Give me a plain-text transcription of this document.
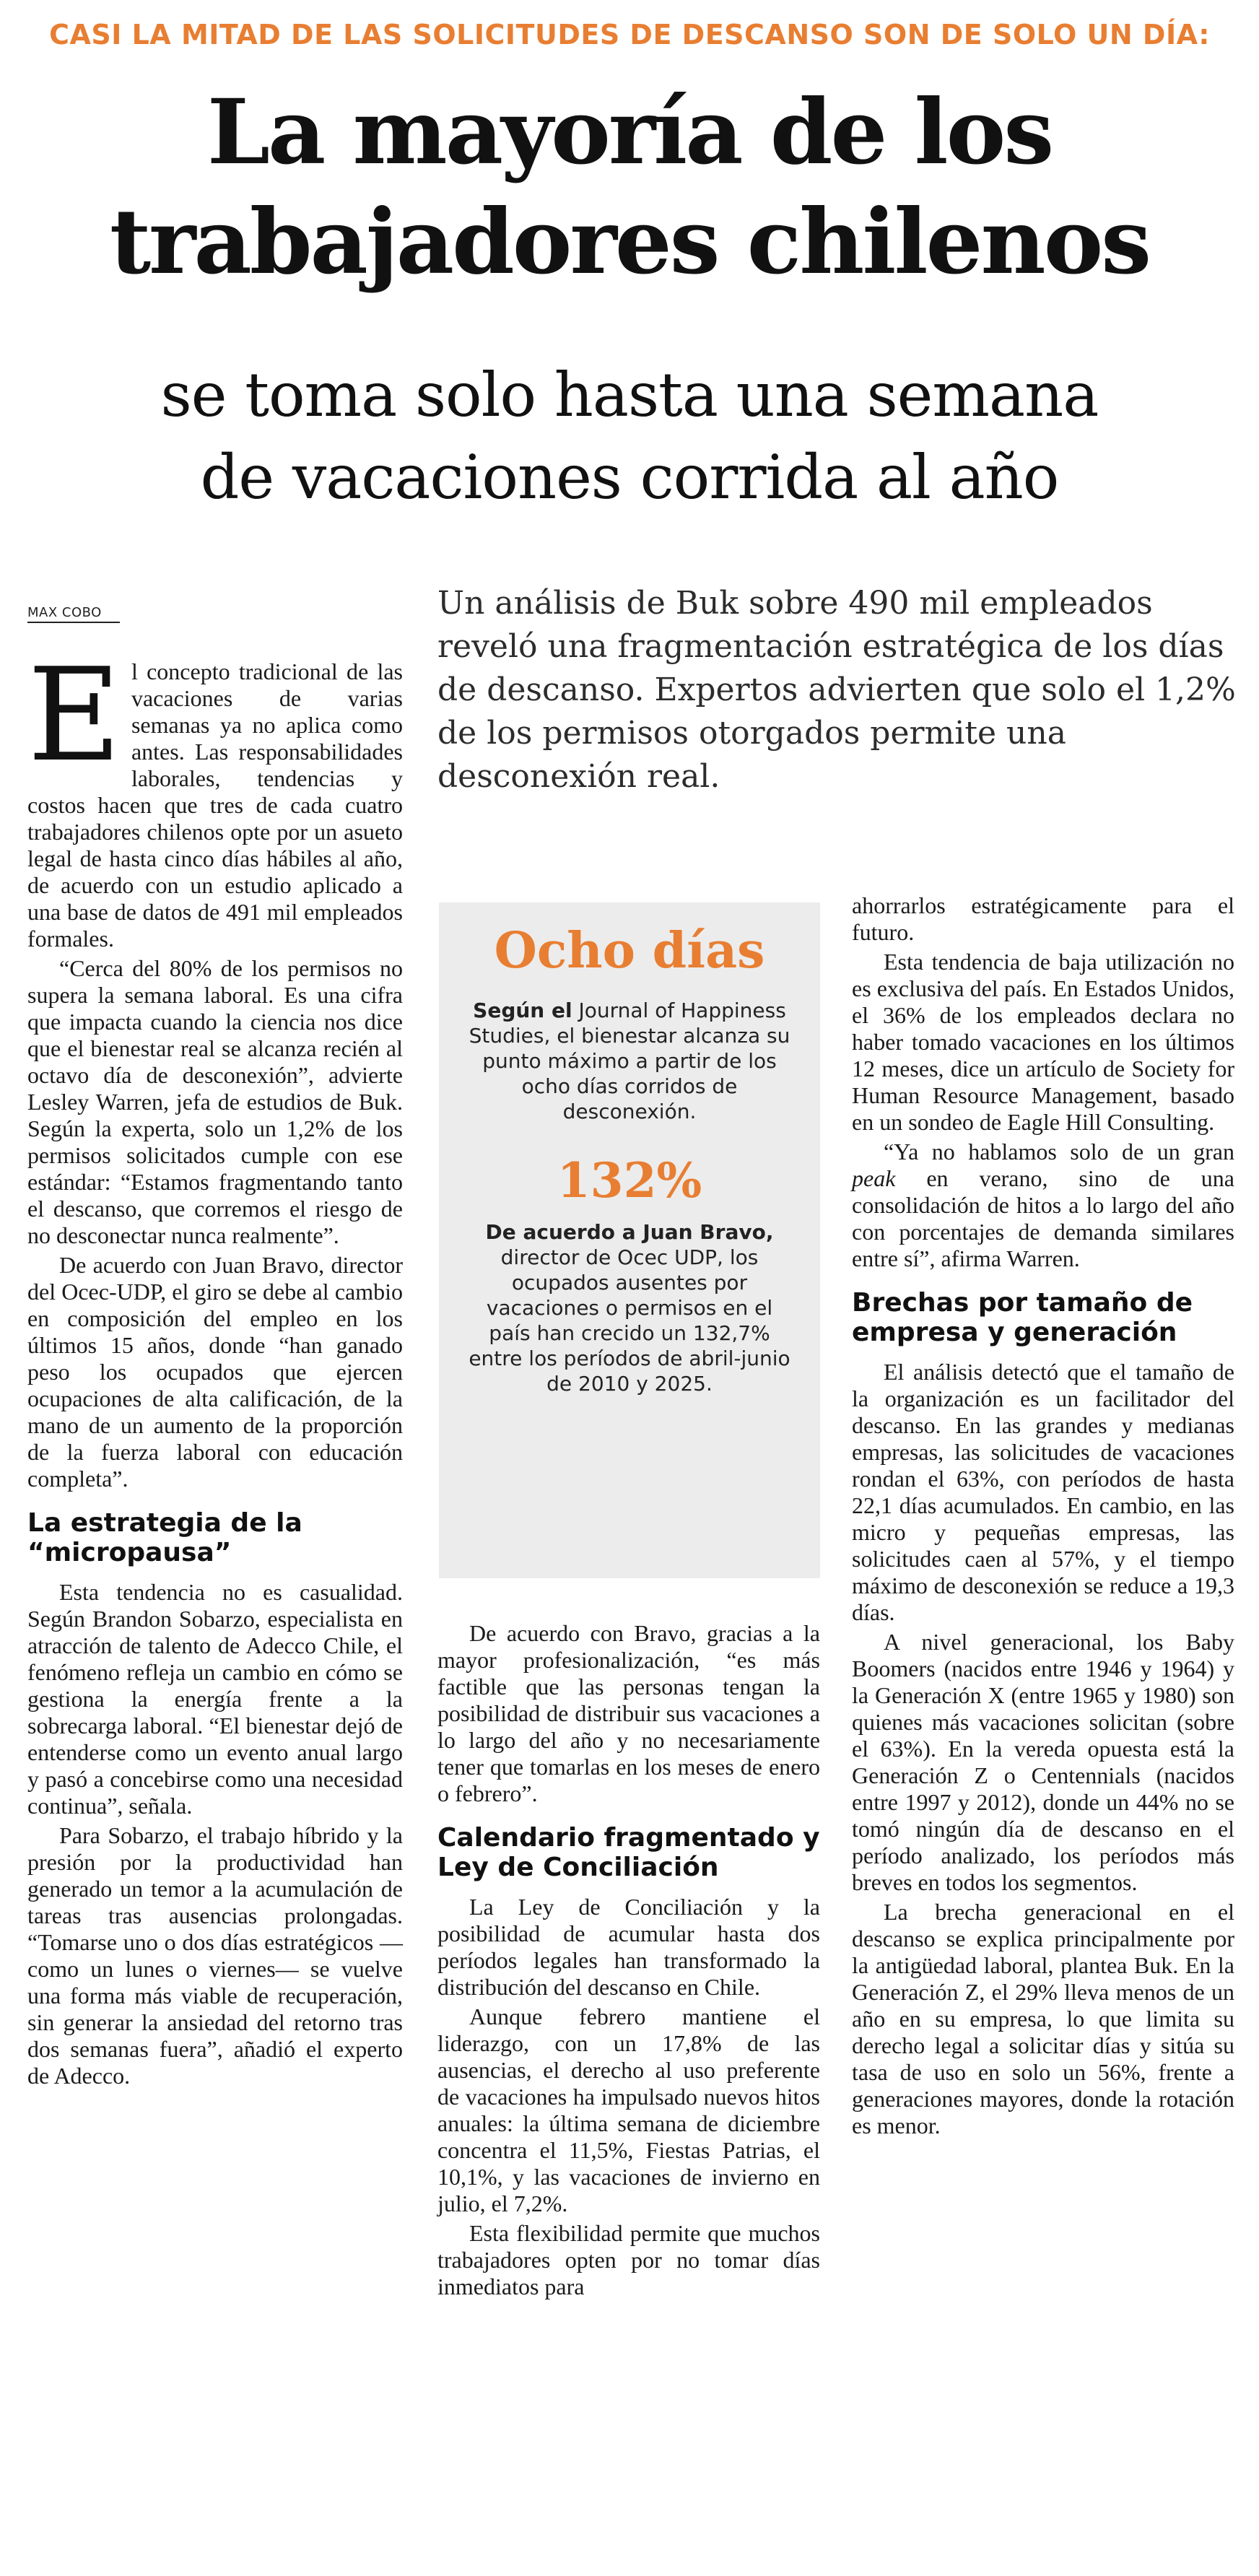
CASI LA MITAD DE LAS SOLICITUDES DE DESCANSO SON DE SOLO UN DÍA:
La mayoría de los
trabajadores chilenos
se toma solo hasta una semana
de vacaciones corrida al año
MAX COBO	Un análisis de Buk sobre 490 mil empleados reveló una fragmentación estratégica de los días de descanso. Expertos advierten que solo el 1,2% de los permisos otorgados permite una desconexión real.

El concepto tradicional de las vacaciones de varias semanas ya no aplica como antes. Las responsabilidades laborales, tendencias y costos hacen que tres de cada cuatro trabajadores chilenos opte por un asueto legal de hasta cinco días hábiles al año, de acuerdo con un estudio aplicado a una base de datos de 491 mil empleados formales.

“Cerca del 80% de los permisos no supera la semana laboral. Es una cifra que impacta cuando la ciencia nos dice que el bienestar real se alcanza recién al octavo día de desconexión”, advierte Lesley Warren, jefa de estudios de Buk. Según la experta, solo un 1,2% de los permisos solicitados cumple con ese estándar: “Estamos fragmentando tanto el descanso, que corremos el riesgo de no desconectar nunca realmente”.

De acuerdo con Juan Bravo, director del Ocec-UDP, el giro se debe al cambio en composición del empleo en los últimos 15 años, donde “han ganado peso los ocupados que ejercen ocupaciones de alta calificación, de la mano de un aumento de la proporción de la fuerza laboral con educación completa”.

La estrategia de la “micropausa”

Esta tendencia no es casualidad. Según Brandon Sobarzo, especialista en atracción de talento de Adecco Chile, el fenómeno refleja un cambio en cómo se gestiona la energía frente a la sobrecarga laboral. “El bienestar dejó de entenderse como un evento anual largo y pasó a concebirse como una necesidad continua”, señala.

Para Sobarzo, el trabajo híbrido y la presión por la productividad han generado un temor a la acumulación de tareas tras ausencias prolongadas. “Tomarse uno o dos días estratégicos —como un lunes o viernes— se vuelve una forma más viable de recuperación, sin generar la ansiedad del retorno tras dos semanas fuera”, añadió el experto de Adecco.

Ocho días

Según el Journal of Happiness Studies, el bienestar alcanza su punto máximo a partir de los ocho días corridos de desconexión.

132%

De acuerdo a Juan Bravo, director de Ocec UDP, los ocupados ausentes por vacaciones o permisos en el país han crecido un 132,7% entre los períodos de abril-junio de 2010 y 2025.

De acuerdo con Bravo, gracias a la mayor profesionalización, “es más factible que las personas tengan la posibilidad de distribuir sus vacaciones a lo largo del año y no necesariamente tener que tomarlas en los meses de enero o febrero”.

Calendario fragmentado y Ley de Conciliación

La Ley de Conciliación y la posibilidad de acumular hasta dos períodos legales han transformado la distribución del descanso en Chile.

Aunque febrero mantiene el liderazgo, con un 17,8% de las ausencias, el derecho al uso preferente de vacaciones ha impulsado nuevos hitos anuales: la última semana de diciembre concentra el 11,5%, Fiestas Patrias, el 10,1%, y las vacaciones de invierno en julio, el 7,2%.

Esta flexibilidad permite que muchos trabajadores opten por no tomar días inmediatos para

ahorrarlos estratégicamente para el futuro.

Esta tendencia de baja utilización no es exclusiva del país. En Estados Unidos, el 36% de los empleados declara no haber tomado vacaciones en los últimos 12 meses, dice un artículo de Society for Human Resource Management, basado en un sondeo de Eagle Hill Consulting.

“Ya no hablamos solo de un gran peak en verano, sino de una consolidación de hitos a lo largo del año con porcentajes de demanda similares entre sí”, afirma Warren.

Brechas por tamaño de empresa y generación

El análisis detectó que el tamaño de la organización es un facilitador del descanso. En las grandes y medianas empresas, las solicitudes de vacaciones rondan el 63%, con períodos de hasta 22,1 días acumulados. En cambio, en las micro y pequeñas empresas, las solicitudes caen al 57%, y el tiempo máximo de desconexión se reduce a 19,3 días.

A nivel generacional, los Baby Boomers (nacidos entre 1946 y 1964) y la Generación X (entre 1965 y 1980) son quienes más vacaciones solicitan (sobre el 63%). En la vereda opuesta está la Generación Z o Centennials (nacidos entre 1997 y 2012), donde un 44% no se tomó ningún día de descanso en el período analizado, los períodos más breves en todos los segmentos.

La brecha generacional en el descanso se explica principalmente por la antigüedad laboral, plantea Buk. En la Generación Z, el 29% lleva menos de un año en su empresa, lo que limita su derecho legal a solicitar días y sitúa su tasa de uso en solo un 56%, frente a generaciones mayores, donde la rotación es menor.
